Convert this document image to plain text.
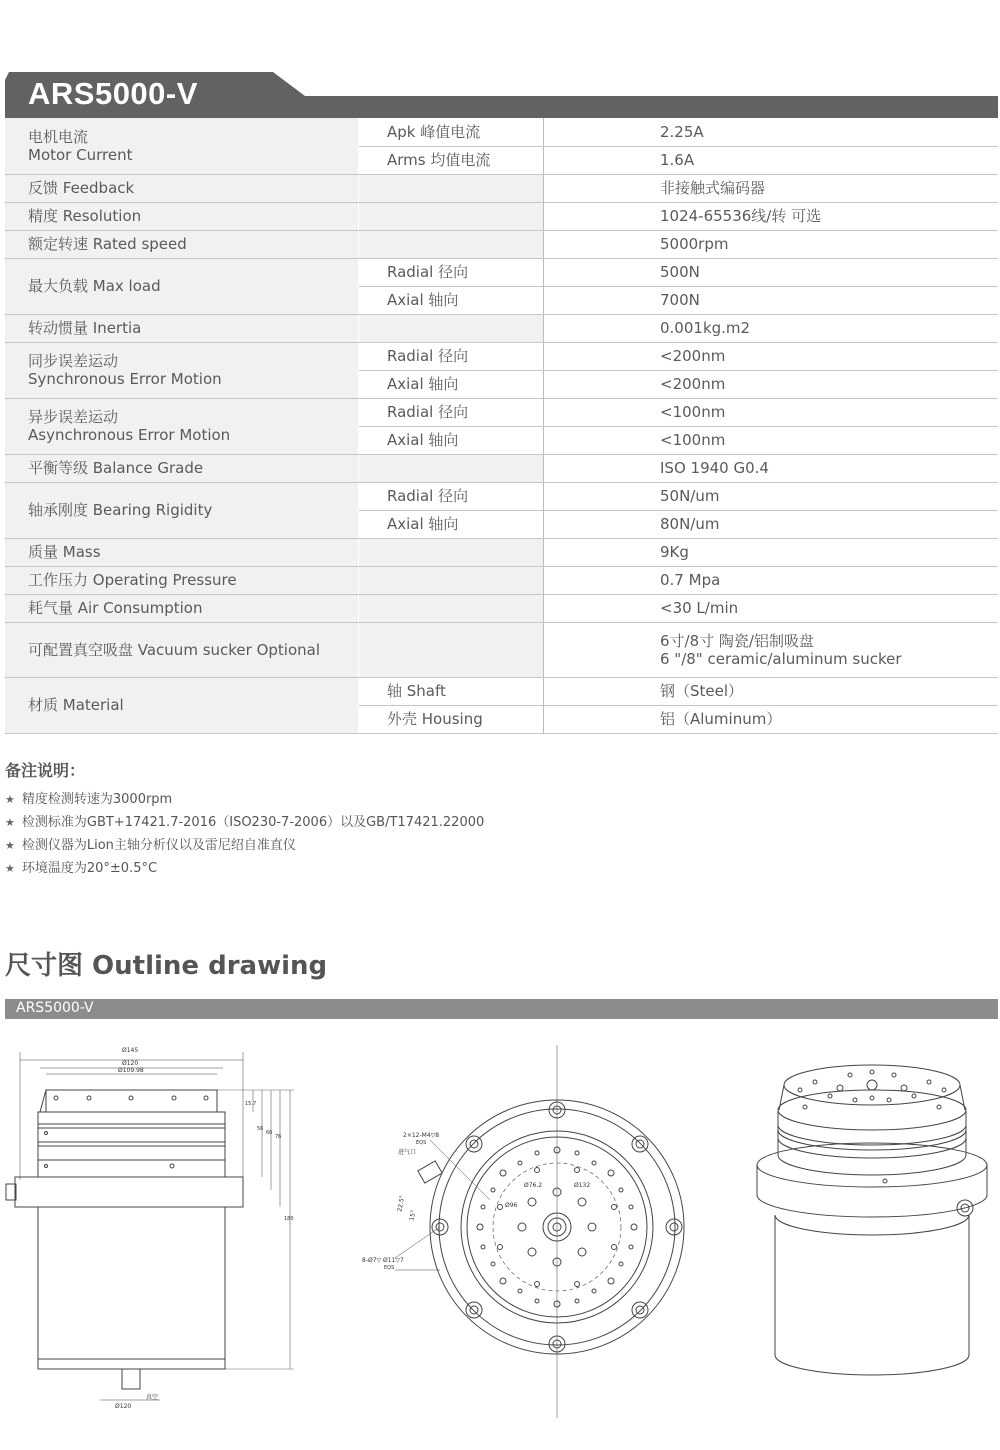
ARS5000-V
电机电流
Motor Current	Apk 峰值电流	2.25A
	Arms 均值电流	1.6A
反馈 Feedback		非接触式编码器
精度 Resolution		1024-65536线/转 可选
额定转速 Rated speed		5000rpm
最大负载 Max load	Radial 径向	500N
	Axial 轴向	700N
转动惯量 Inertia		0.001kg.m2

同步误差运动
Synchronous Error Motion	Radial 径向	<200nm
	Axial 轴向	<200nm

异步误差运动
Asynchronous Error Motion	Radial 径向	<100nm
	Axial 轴向	<100nm
平衡等级 Balance Grade		ISO 1940 G0.4
轴承刚度 Bearing Rigidity	Radial 径向	50N/um
	Axial 轴向	80N/um
质量 Mass		9Kg
工作压力 Operating Pressure		0.7 Mpa
耗气量 Air Consumption		<30 L/min
可配置真空吸盘 Vacuum sucker Optional		6寸/8寸 陶瓷/铝制吸盘
6 "/8" ceramic/aluminum sucker

材质 Material	轴 Shaft	钢（Steel）
	外壳 Housing	铝（Aluminum）
备注说明：
★ 精度检测转速为3000rpm
★ 检测标准为GBT+17421.7-2016（ISO230-7-2006）以及GB/T17421.22000
★ 检测仪器为Lion主轴分析仪以及雷尼绍自准直仪
★ 环境温度为20°±0.5°C
尺寸图 Outline drawing
ARS5000-V
Ø145
Ø120
Ø109.98
Ø120
真空
15.7
56
66
76
180
2×12-M4▽8
EQS
进气口
Ø76.2
Ø96
Ø132
22.5°
15°
8-Ø7▽ Ø11▽7
EQS
